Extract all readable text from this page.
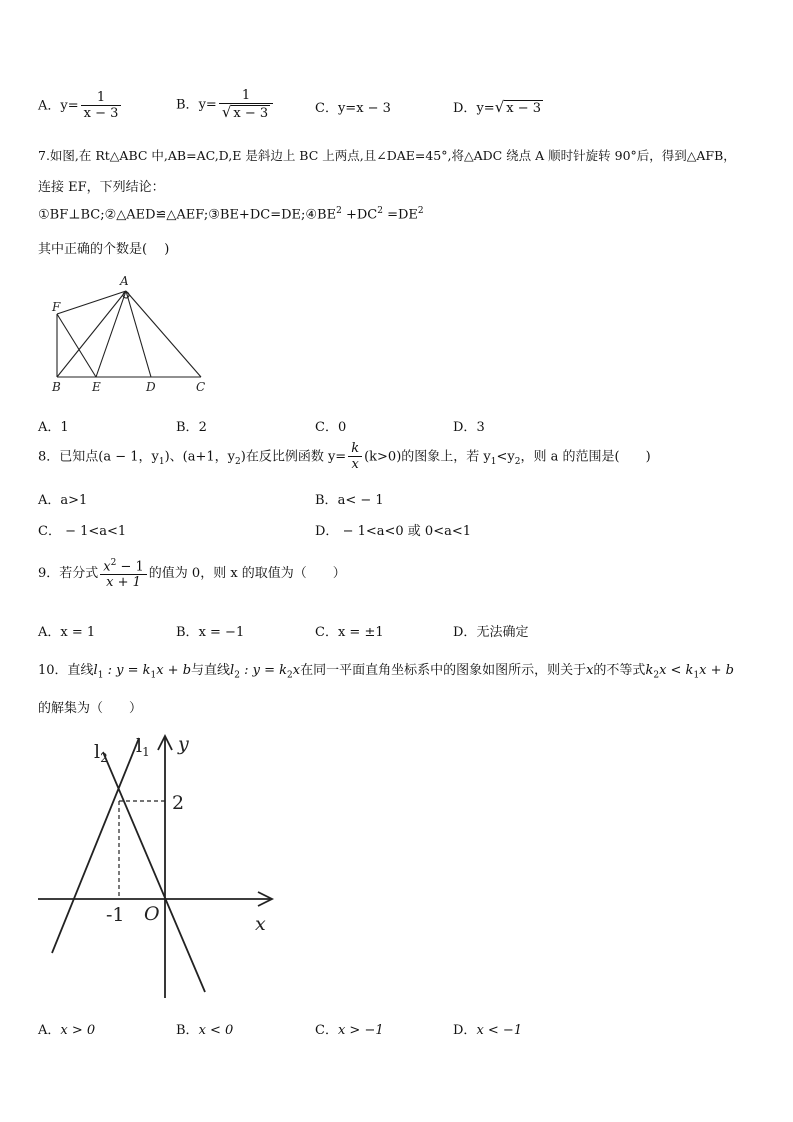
A．$y= \frac{1}{x - 3}$	B．$y= \frac{1}{√ x - 3}$	C．y=x − 3	D．y=√ x − 3
7.如图,在 Rt△ABC 中,AB=AC,D,E 是斜边上 BC 上两点,且∠DAE=45°,将△ADC 绕点 A 顺时针旋转 90°后，得到△AFB，
连接 EF，下列结论：
$①BF\perp BC;②\triangle AED≌\triangle AEF;③BE+DC=DE;④BE^2 +DC^2 =DE^2$
其中正确的个数是(　 )
A
F
B	E	D	C
A．1	B．2	C．0	D．3
8．已知点(a − 1，$y_1$)、(a+1，$y_2$)在反比例函数 $y= \frac{k}{x} (k>0)$的图象上，若 $y_1<y_2$，则 a 的范围是(　　)
A．a>1	B．a< − 1
C． − 1<a<1	D． − 1<a<0 或 0<a<1
9．若分式 $\frac{x^2 - 1}{x + 1}$ 的值为 0，则 x 的取值为（　　）
A．x = 1	B．x = −1	C．x = ±1	D．无法确定
10．直线$l_1$ : $y = k_1x + b$与直线$l_2$ : $y = k_2x$在同一平面直角坐标系中的图象如图所示，则关于x的不等式$k_2x < k_1x + b$
的解集为（　　）
$l_2$
$l_1$ y
x
O
-1
2
A．x > 0	B．x < 0	C．x > −1	D．x < −1
